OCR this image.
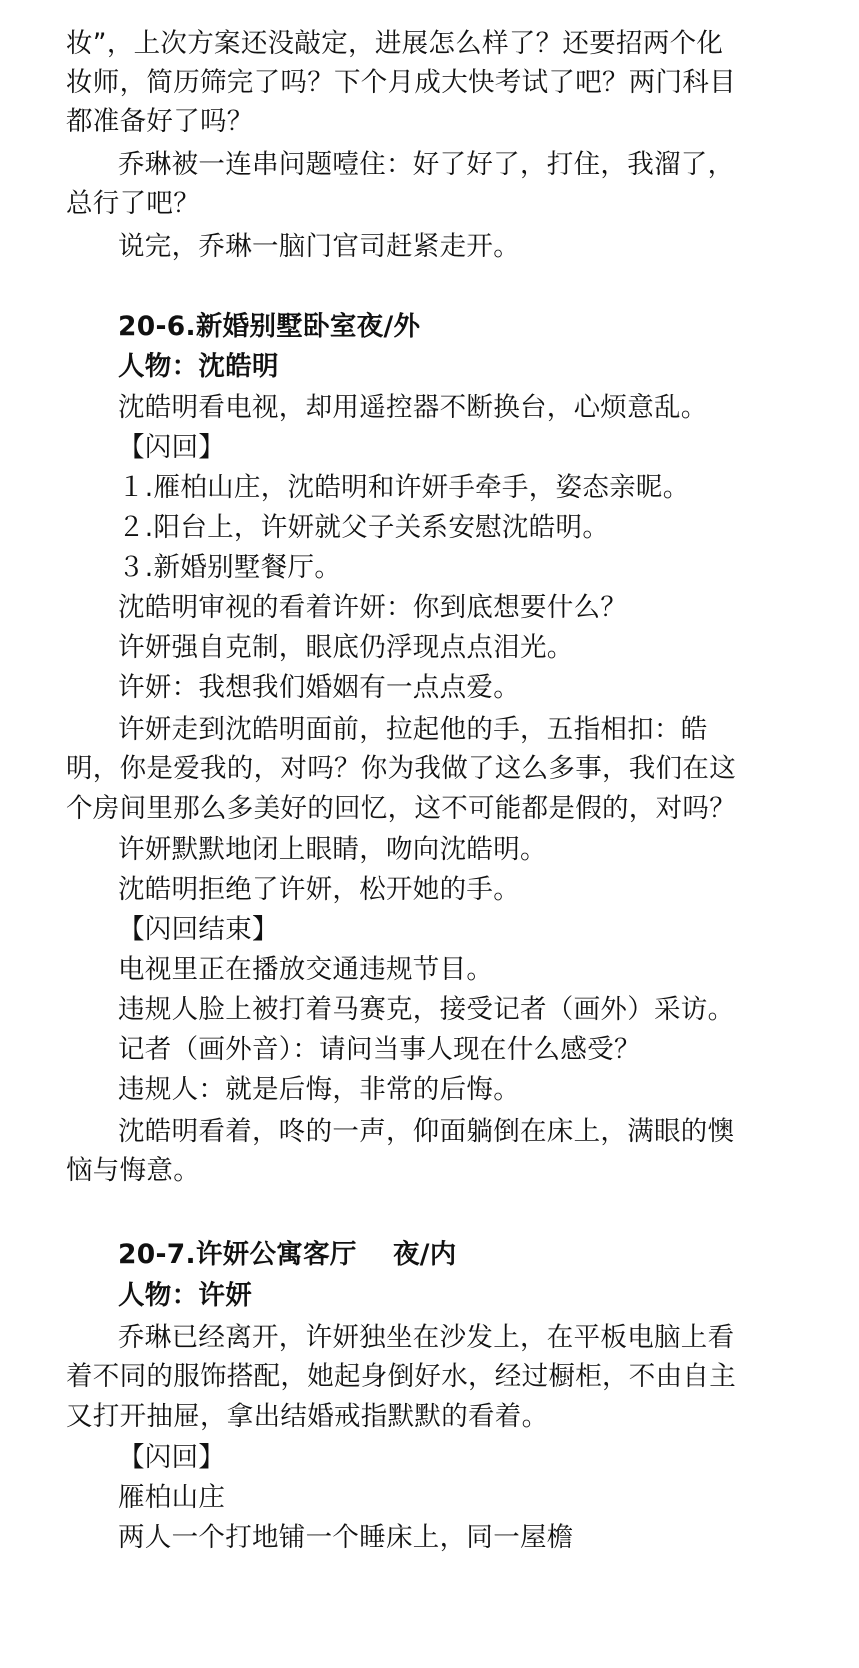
妆”，上次方案还没敲定，进展怎么样了？还要招两个化
妆师，简历筛完了吗？下个月成大快考试了吧？两门科目
都准备好了吗？
乔琳被一连串问题噎住：好了好了，打住，我溜了，
总行了吧？
说完，乔琳一脑门官司赶紧走开。
20-6.新婚别墅卧室夜/外
人物：沈皓明
沈皓明看电视，却用遥控器不断换台，心烦意乱。
【闪回】
１.雁柏山庄，沈皓明和许妍手牵手，姿态亲昵。
２.阳台上，许妍就父子关系安慰沈皓明。
３.新婚别墅餐厅。
沈皓明审视的看着许妍：你到底想要什么？
许妍强自克制，眼底仍浮现点点泪光。
许妍：我想我们婚姻有一点点爱。
许妍走到沈皓明面前，拉起他的手，五指相扣：皓
明，你是爱我的，对吗？你为我做了这么多事，我们在这
个房间里那么多美好的回忆，这不可能都是假的，对吗？
许妍默默地闭上眼睛，吻向沈皓明。
沈皓明拒绝了许妍，松开她的手。
【闪回结束】
电视里正在播放交通违规节目。
违规人脸上被打着马赛克，接受记者（画外）采访。
记者（画外音）：请问当事人现在什么感受？
违规人：就是后悔，非常的后悔。
沈皓明看着，咚的一声，仰面躺倒在床上，满眼的懊
恼与悔意。
20-7.许妍公寓客厅　 夜/内
人物：许妍
乔琳已经离开，许妍独坐在沙发上，在平板电脑上看
着不同的服饰搭配，她起身倒好水，经过橱柜，不由自主
又打开抽屉，拿出结婚戒指默默的看着。
【闪回】
雁柏山庄
两人一个打地铺一个睡床上，同一屋檐
